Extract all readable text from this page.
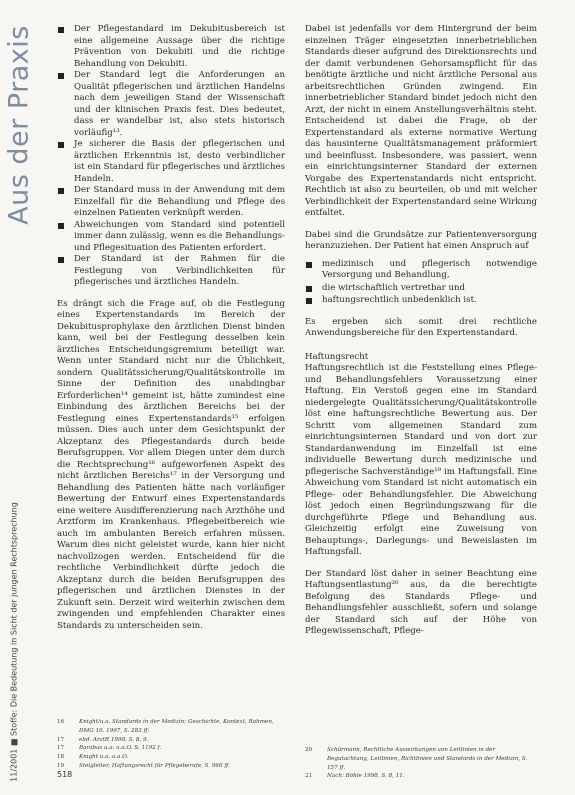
Aus der Praxis
11/2001 ■ Stoffe: Die Bedeutung in Sicht der jungen Rechtsprechung
Der Pflegestandard im Dekubitusbereich ist eine allgemeine Aussage über die richtige Prävention von Dekubiti und die richtige Behandlung von Dekubiti.
Der Standard legt die Anforderungen an Qualität pflegerischen und ärztlichen Handelns nach dem jeweiligen Stand der Wissenschaft und der klinischen Praxis fest. Dies bedeutet, dass er wandelbar ist, also stets historisch vorläufig¹³.
Je sicherer die Basis der pflegerischen und ärztlichen Erkenntnis ist, desto verbindlicher ist ein Standard für pflegerisches und ärztliches Handeln.
Der Standard muss in der Anwendung mit dem Einzelfall für die Behandlung und Pflege des einzelnen Patienten verknüpft werden.
Abweichungen vom Standard sind potentiell immer dann zulässig, wenn es die Behandlungs- und Pflegesituation des Patienten erfordert.
Der Standard ist der Rahmen für die Festlegung von Verbindlichkeiten für pflegerisches und ärztliches Handeln.

Es drängt sich die Frage auf, ob die Festlegung eines Expertenstandards im Bereich der Dekubitusprophylaxe den ärztlichen Dienst binden kann, weil bei der Festlegung desselben kein ärztliches Entscheidungsgremium beteiligt war. Wenn unter Standard nicht nur die Üblichkeit, sondern Qualitätssicherung/Qualitätskontrolle im Sinne der Definition des unabdingbar Erforderlichen¹⁴ gemeint ist, hätte zumindest eine Einbindung des ärztlichen Bereichs bei der Festlegung eines Expertenstandards¹⁵ erfolgen müssen. Dies auch unter dem Gesichtspunkt der Akzeptanz des Pflegestandards durch beide Berufsgruppen. Vor allem Diegen unter dem durch die Rechtsprechung¹⁶ aufgeworfenen Aspekt des nicht ärztlichen Bereichs¹⁷ in der Versorgung und Behandlung des Patienten hätte nach vorläufiger Bewertung der Entwurf eines Expertenstandards eine weitere Ausdifferenzierung nach Arzthöhe und Arztform im Krankenhaus. Pflegebeitbereich wie auch im ambulanten Bereich erfahren müssen. Warum dies nicht geleistet wurde, kann hier nicht nachvollzogen werden. Entscheidend für die rechtliche Verbindlichkeit dürfte jedoch die Akzeptanz durch die beiden Berufsgruppen des pflegerischen und ärztlichen Dienstes in der Zukunft sein. Derzeit wird weiterhin zwischen dem zwingenden und empfehlenden Charakter eines Standards zu unterscheiden sein.

Dabei ist jedenfalls vor dem Hintergrund der beim einzelnen Träger eingesetzten innerbetrieblichen Standards dieser aufgrund des Direktionsrechts und der damit verbundenen Gehorsamspflicht für das benötigte ärztliche und nicht ärztliche Personal aus arbeitsrechtlichen Gründen zwingend. Ein innerbetrieblicher Standard bindet jedoch nicht den Arzt, der nicht in einem Anstellungsverhältnis steht. Entscheidend ist dabei die Frage, ob der Expertenstandard als externe normative Wertung das hausinterne Qualitätsmanagement präformiert und beeinflusst. Insbesondere, was passiert, wenn ein einrichtungsinterner Standard der externen Vorgabe des Expertenstandards nicht entspricht. Rechtlich ist also zu beurteilen, ob und mit welcher Verbindlichkeit der Expertenstandard seine Wirkung entfaltet.

Dabei sind die Grundsätze zur Patientenversorgung heranzuziehen. Der Patient hat einen Anspruch auf

medizinisch und pflegerisch notwendige Versorgung und Behandlung,
die wirtschaftlich vertretbar und
haftungsrechtlich unbedenklich ist.

Es ergeben sich somit drei rechtliche Anwendungsbereiche für den Expertenstandard.

Haftungsrecht

Haftungsrechtlich ist die Feststellung eines Pflege- und Behandlungsfehlers Voraussetzung einer Haftung. Ein Verstoß gegen eine im Standard niedergelegte Qualitätssicherung/Qualitätskontrolle löst eine haftungsrechtliche Bewertung aus. Der Schritt vom allgemeinen Standard zum einrichtungsinternen Standard und von dort zur Standardanwendung im Einzelfall ist eine individuelle Bewertung durch medizinische und pflegerische Sachverständige¹⁹ im Haftungsfall. Eine Abweichung vom Standard ist nicht automatisch ein Pflege- oder Behandlungsfehler. Die Abweichung löst jedoch einen Begründungszwang für die durchgeführte Pflege und Behandlung aus. Gleichzeitig erfolgt eine Zuweisung von Behauptungs-, Darlegungs- und Beweislasten im Haftungsfall.

Der Standard löst daher in seiner Beachtung eine Haftungsentlastung²⁰ aus, da die berechtigte Befolgung des Standards Pflege- und Behandlungsfehler ausschließt, sofern und solange der Standard sich auf der Höhe von Pflegewissenschaft, Pflege-

16	Knight/u.a. Standards in der Medizin: Geschichte, Kontext, Rahmen, DMG 10. 1997, S. 283 ff.
17	ebd. ArztR 1998, S. 8, 9.
17	Barabas u.a. a.a.O. S. 1192 f.
18	Knight u.a. a.a.O.
19	Steigleiter, Haftungsrecht für Pflegeberufe, S. 960 ff.
20	Schürmann, Rechtliche Auswirkungen von Leitlinien in der Begutachtung, Leitlinien, Richtlinien und Standards in der Medizin, S. 157 ff.
21	Nach: Böhle 1998, S. 8, 11.
518
